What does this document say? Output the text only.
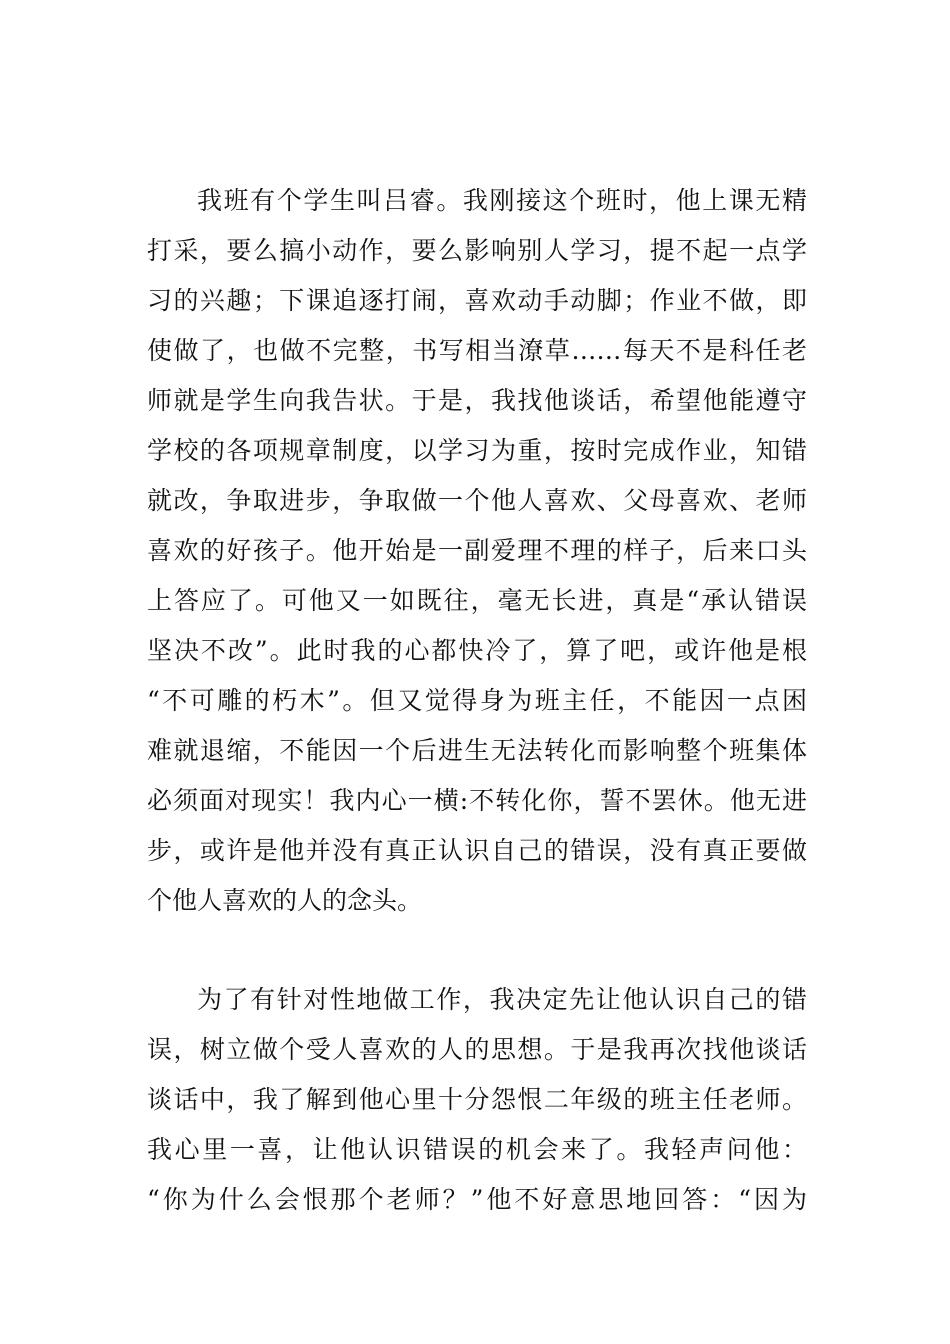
我班有个学生叫吕睿。我刚接这个班时，他上课无精
打采，要么搞小动作，要么影响别人学习，提不起一点学
习的兴趣；下课追逐打闹，喜欢动手动脚；作业不做，即
使做了，也做不完整，书写相当潦草……每天不是科任老
师就是学生向我告状。于是，我找他谈话，希望他能遵守
学校的各项规章制度，以学习为重，按时完成作业，知错
就改，争取进步，争取做一个他人喜欢、父母喜欢、老师
喜欢的好孩子。他开始是一副爱理不理的样子，后来口头
上答应了。可他又一如既往，毫无长进，真是“承认错误
坚决不改”。此时我的心都快冷了，算了吧，或许他是根
“不可雕的朽木”。但又觉得身为班主任，不能因一点困
难就退缩，不能因一个后进生无法转化而影响整个班集体
必须面对现实！我内心一横:不转化你，誓不罢休。他无进
步，或许是他并没有真正认识自己的错误，没有真正要做
个他人喜欢的人的念头。
为了有针对性地做工作，我决定先让他认识自己的错
误，树立做个受人喜欢的人的思想。于是我再次找他谈话
谈话中，我了解到他心里十分怨恨二年级的班主任老师。
我心里一喜，让他认识错误的机会来了。我轻声问他：
“你为什么会恨那个老师？”他不好意思地回答：“因为
